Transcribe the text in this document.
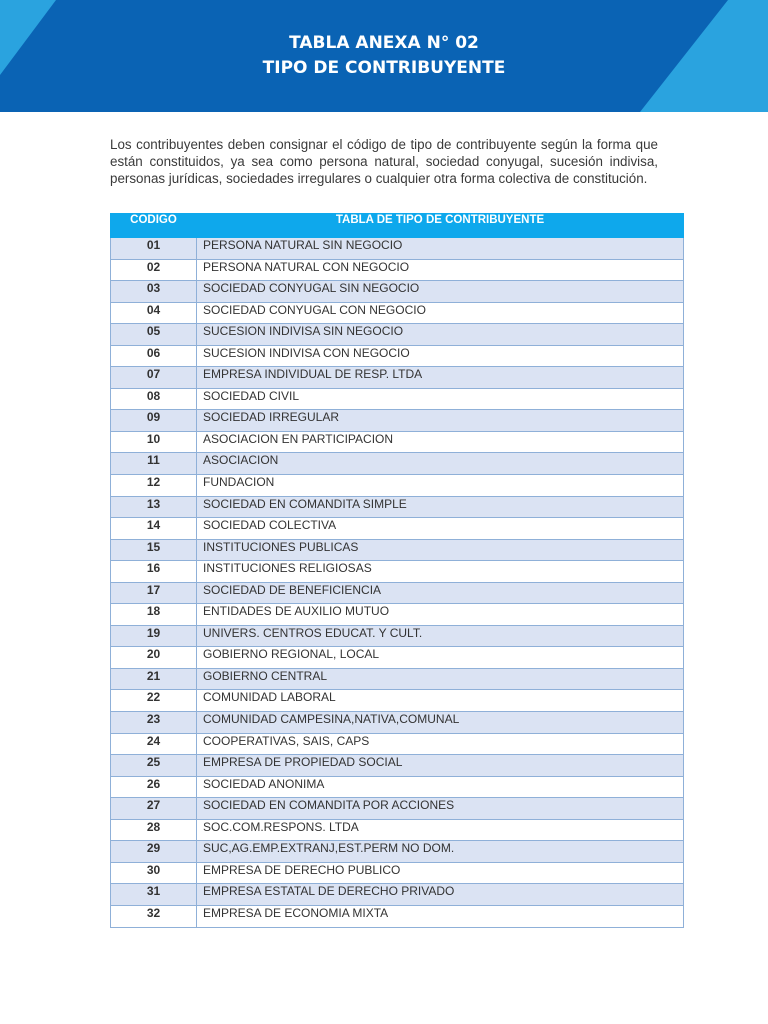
TABLA ANEXA N° 02
TIPO DE CONTRIBUYENTE

Los contribuyentes deben consignar el código de tipo de contribuyente según la forma que están constituidos, ya sea como persona natural, sociedad conyugal, sucesión indivisa, personas jurídicas, sociedades irregulares o cualquier otra forma colectiva de constitución.

CODIGO	TABLA DE TIPO DE CONTRIBUYENTE
01	PERSONA NATURAL SIN NEGOCIO
02	PERSONA NATURAL CON NEGOCIO
03	SOCIEDAD CONYUGAL SIN NEGOCIO
04	SOCIEDAD CONYUGAL CON NEGOCIO
05	SUCESION INDIVISA SIN NEGOCIO
06	SUCESION INDIVISA CON NEGOCIO
07	EMPRESA INDIVIDUAL DE RESP. LTDA
08	SOCIEDAD CIVIL
09	SOCIEDAD IRREGULAR
10	ASOCIACION EN PARTICIPACION
11	ASOCIACION
12	FUNDACION
13	SOCIEDAD EN COMANDITA SIMPLE
14	SOCIEDAD COLECTIVA
15	INSTITUCIONES PUBLICAS
16	INSTITUCIONES RELIGIOSAS
17	SOCIEDAD DE BENEFICIENCIA
18	ENTIDADES DE AUXILIO MUTUO
19	UNIVERS. CENTROS EDUCAT. Y CULT.
20	GOBIERNO REGIONAL, LOCAL
21	GOBIERNO CENTRAL
22	COMUNIDAD LABORAL
23	COMUNIDAD CAMPESINA,NATIVA,COMUNAL
24	COOPERATIVAS, SAIS, CAPS
25	EMPRESA DE PROPIEDAD SOCIAL
26	SOCIEDAD ANONIMA
27	SOCIEDAD EN COMANDITA POR ACCIONES
28	SOC.COM.RESPONS. LTDA
29	SUC,AG.EMP.EXTRANJ,EST.PERM NO DOM.
30	EMPRESA DE DERECHO PUBLICO
31	EMPRESA ESTATAL DE DERECHO PRIVADO
32	EMPRESA DE ECONOMIA MIXTA
